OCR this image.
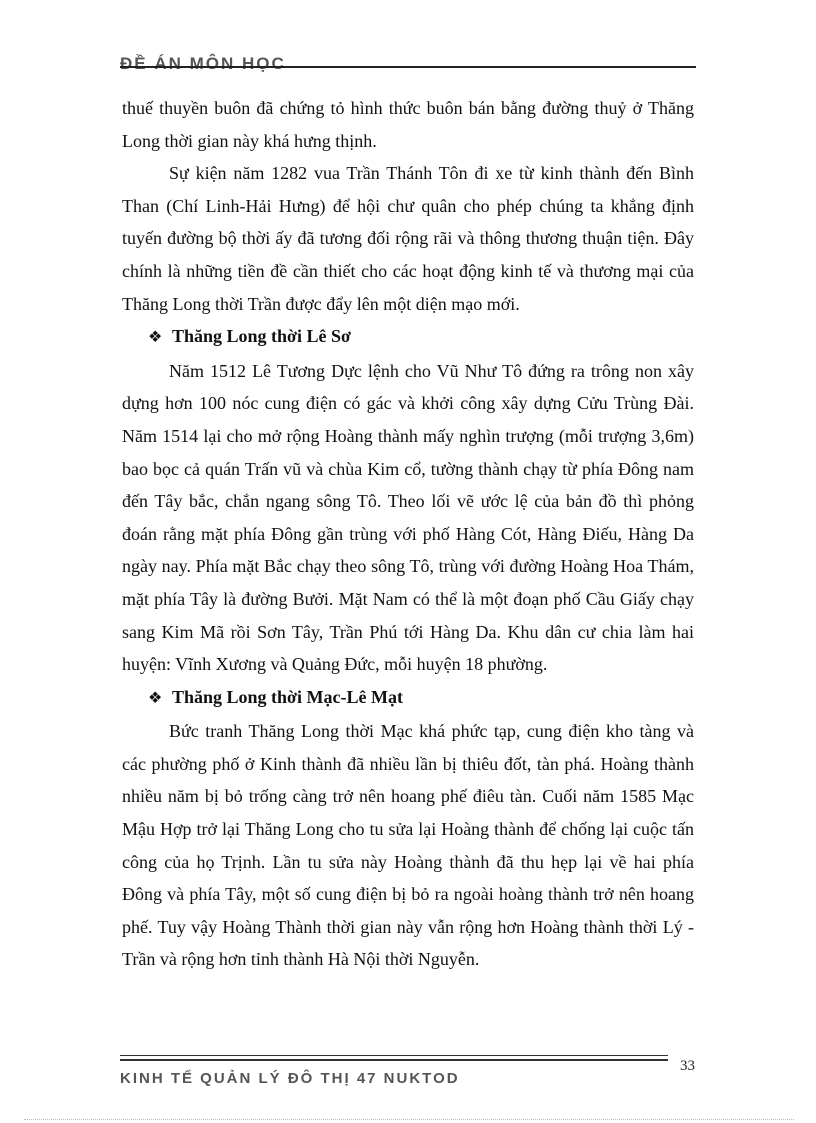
ĐỀ ÁN MÔN HỌC

thuế thuyền buôn đã chứng tỏ hình thức buôn bán bằng đường thuỷ ở Thăng Long thời gian này khá hưng thịnh.

Sự kiện năm 1282 vua Trần Thánh Tôn đi xe từ kinh thành đến Bình Than (Chí Linh-Hải Hưng) để hội chư quân cho phép chúng ta khẳng định tuyến đường bộ thời ấy đã tương đối rộng rãi và thông thương thuận tiện. Đây chính là những tiền đề cần thiết cho các hoạt động kinh tế và thương mại của Thăng Long thời Trần được đẩy lên một diện mạo mới.

❖ Thăng Long thời Lê Sơ

Năm 1512 Lê Tương Dực lệnh cho Vũ Như Tô đứng ra trông non xây dựng hơn 100 nóc cung điện có gác và khởi công xây dựng Cửu Trùng Đài. Năm 1514 lại cho mở rộng Hoàng thành mấy nghìn trượng (mỗi trượng 3,6m) bao bọc cả quán Trấn vũ và chùa Kim cổ, tường thành chạy từ phía Đông nam đến Tây bắc, chắn ngang sông Tô. Theo lối vẽ ước lệ của bản đồ thì phỏng đoán rằng mặt phía Đông gần trùng với phố Hàng Cót, Hàng Điếu, Hàng Da ngày nay. Phía mặt Bắc chạy theo sông Tô, trùng với đường Hoàng Hoa Thám, mặt phía Tây là đường Bưởi. Mặt Nam có thể là một đoạn phố Cầu Giấy chạy sang Kim Mã rồi Sơn Tây, Trần Phú tới Hàng Da. Khu dân cư chia làm hai huyện: Vĩnh Xương và Quảng Đức, mỗi huyện 18 phường.

❖ Thăng Long thời Mạc-Lê Mạt

Bức tranh Thăng Long thời Mạc khá phức tạp, cung điện kho tàng và các phường phố ở Kinh thành đã nhiều lần bị thiêu đốt, tàn phá. Hoàng thành nhiều năm bị bỏ trống càng trở nên hoang phế điêu tàn. Cuối năm 1585 Mạc Mậu Hợp trở lại Thăng Long cho tu sửa lại Hoàng thành để chống lại cuộc tấn công của họ Trịnh. Lần tu sửa này Hoàng thành đã thu hẹp lại về hai phía Đông và phía Tây, một số cung điện bị bỏ ra ngoài hoàng thành trở nên hoang phế. Tuy vậy Hoàng Thành thời gian này vẫn rộng hơn Hoàng thành thời Lý - Trần và rộng hơn tỉnh thành Hà Nội thời Nguyễn.

KINH TẾ QUẢN LÝ ĐÔ THỊ 47 NUKTOD
33
